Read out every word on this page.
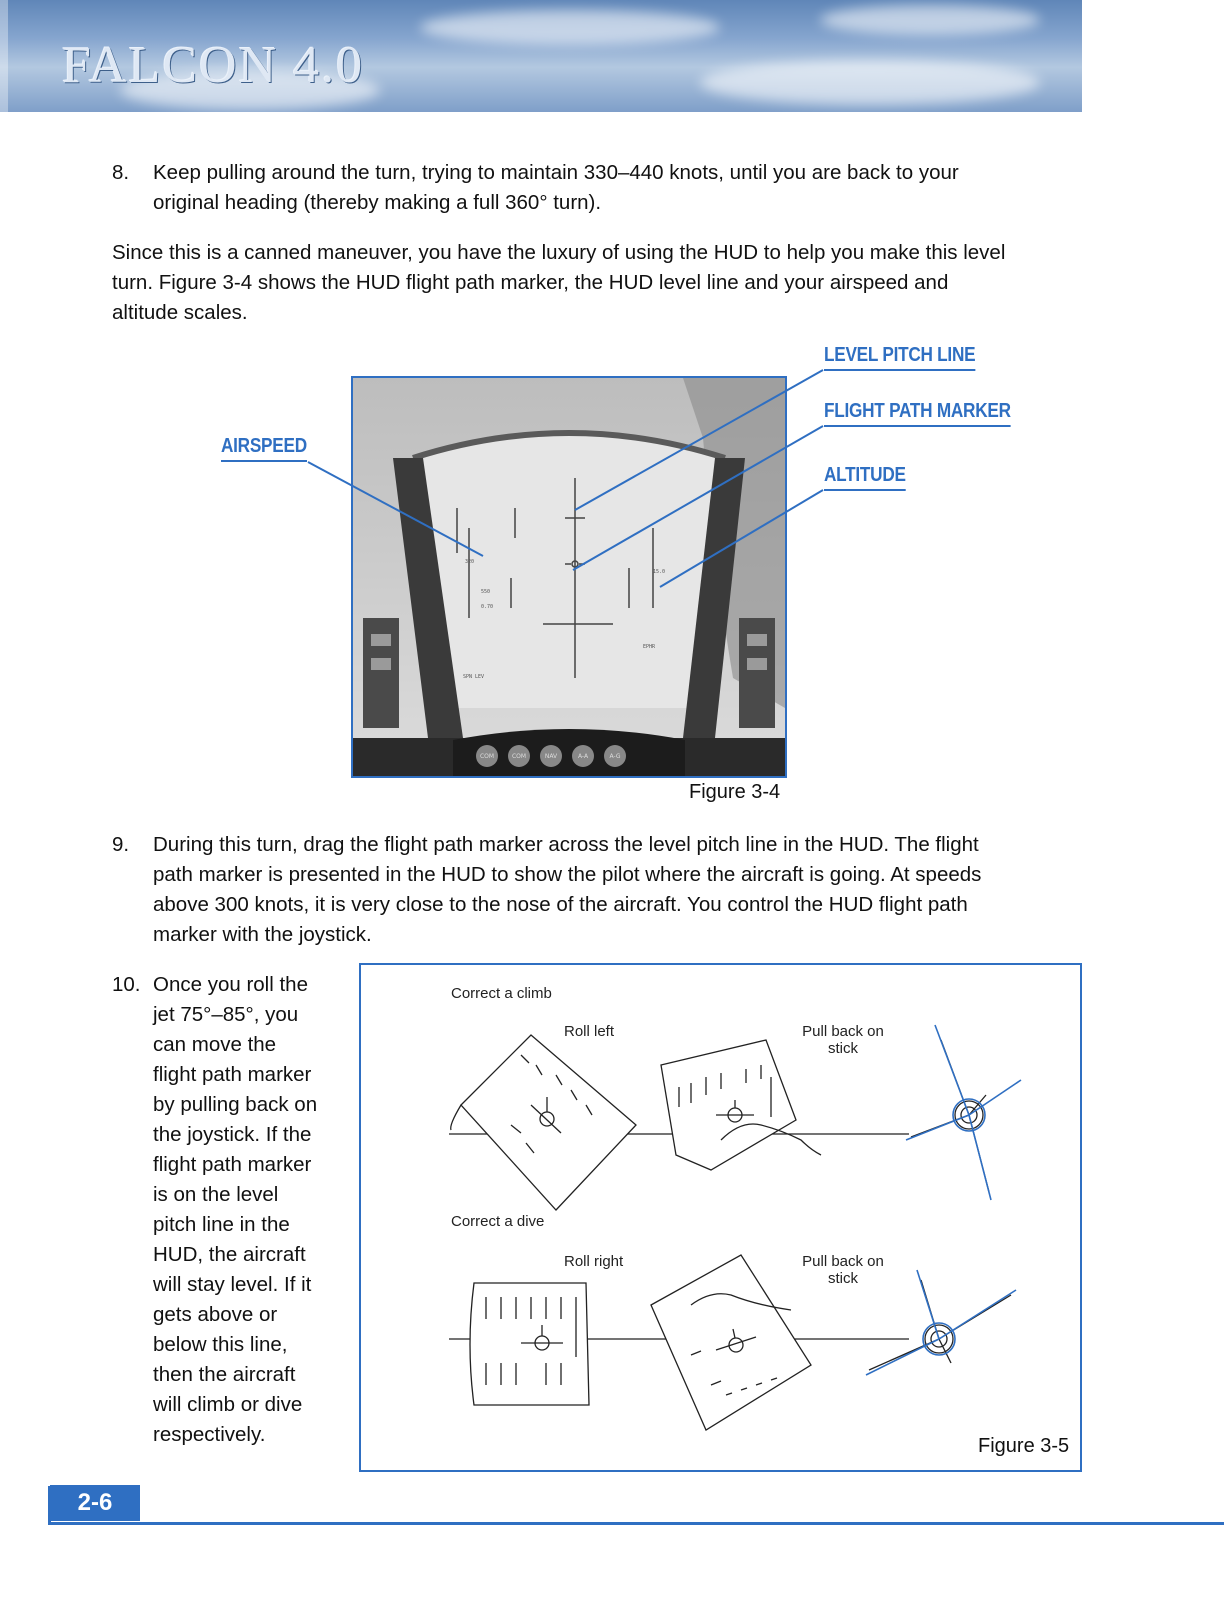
FALCON 4.0
8. Keep pulling around the turn, trying to maintain 330–440 knots, until you are back to your
original heading (thereby making a full 360° turn).
Since this is a canned maneuver, you have the luxury of using the HUD to help you make this level
turn. Figure 3-4 shows the HUD flight path marker, the HUD level line and your airspeed and
altitude scales.
320
550
0.70
SPN LEV
15.0
EPHR
COM	COM	NAV	A-A	A-G
LEVEL PITCH LINE
FLIGHT PATH MARKER
ALTITUDE
AIRSPEED
Figure 3-4
9. During this turn, drag the flight path marker across the level pitch line in the HUD. The flight
path marker is presented in the HUD to show the pilot where the aircraft is going. At speeds
above 300 knots, it is very close to the nose of the aircraft. You control the HUD flight path
marker with the joystick.
10. Once you roll the
jet 75°–85°, you
can move the
flight path marker
by pulling back on
the joystick. If the
flight path marker
is on the level
pitch line in the
HUD, the aircraft
will stay level. If it
gets above or
below this line,
then the aircraft
will climb or dive
respectively.
Correct a climb
Roll left	Pull back on
stick
Correct a dive
Roll right	Pull back on
stick
Figure 3-5
2-6
